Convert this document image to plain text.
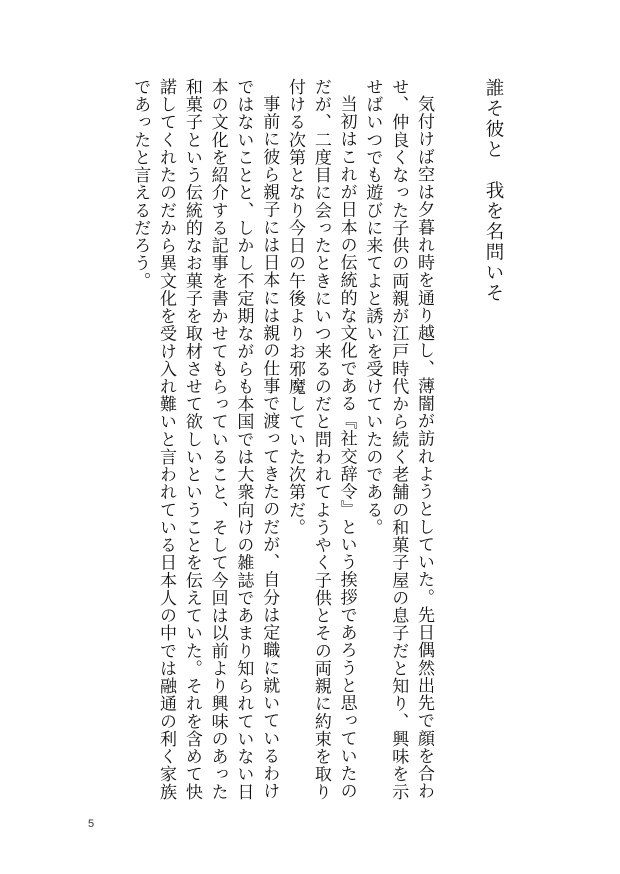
誰そ彼と　我を名問いそ

気付けば空は夕暮れ時を通り越し、薄闇が訪れようとしていた。先日偶然出先で顔を合わせ、仲良くなった子供の両親が江戸時代から続く老舗の和菓子屋の息子だと知り、興味を示せばいつでも遊びに来てよと誘いを受けていたのである。

当初はこれが日本の伝統的な文化である『社交辞令』という挨拶であろうと思っていたのだが、二度目に会ったときにいつ来るのだと問われてようやく子供とその両親に約束を取り付ける次第となり今日の午後よりお邪魔していた次第だ。

事前に彼ら親子には日本には親の仕事で渡ってきたのだが、自分は定職に就いているわけではないことと、しかし不定期ながらも本国では大衆向けの雑誌であまり知られていない日本の文化を紹介する記事を書かせてもらっていること、そして今回は以前より興味のあった和菓子という伝統的なお菓子を取材させて欲しいということを伝えていた。それを含めて快諾してくれたのだから異文化を受け入れ難いと言われている日本人の中では融通の利く家族であったと言えるだろう。

5
